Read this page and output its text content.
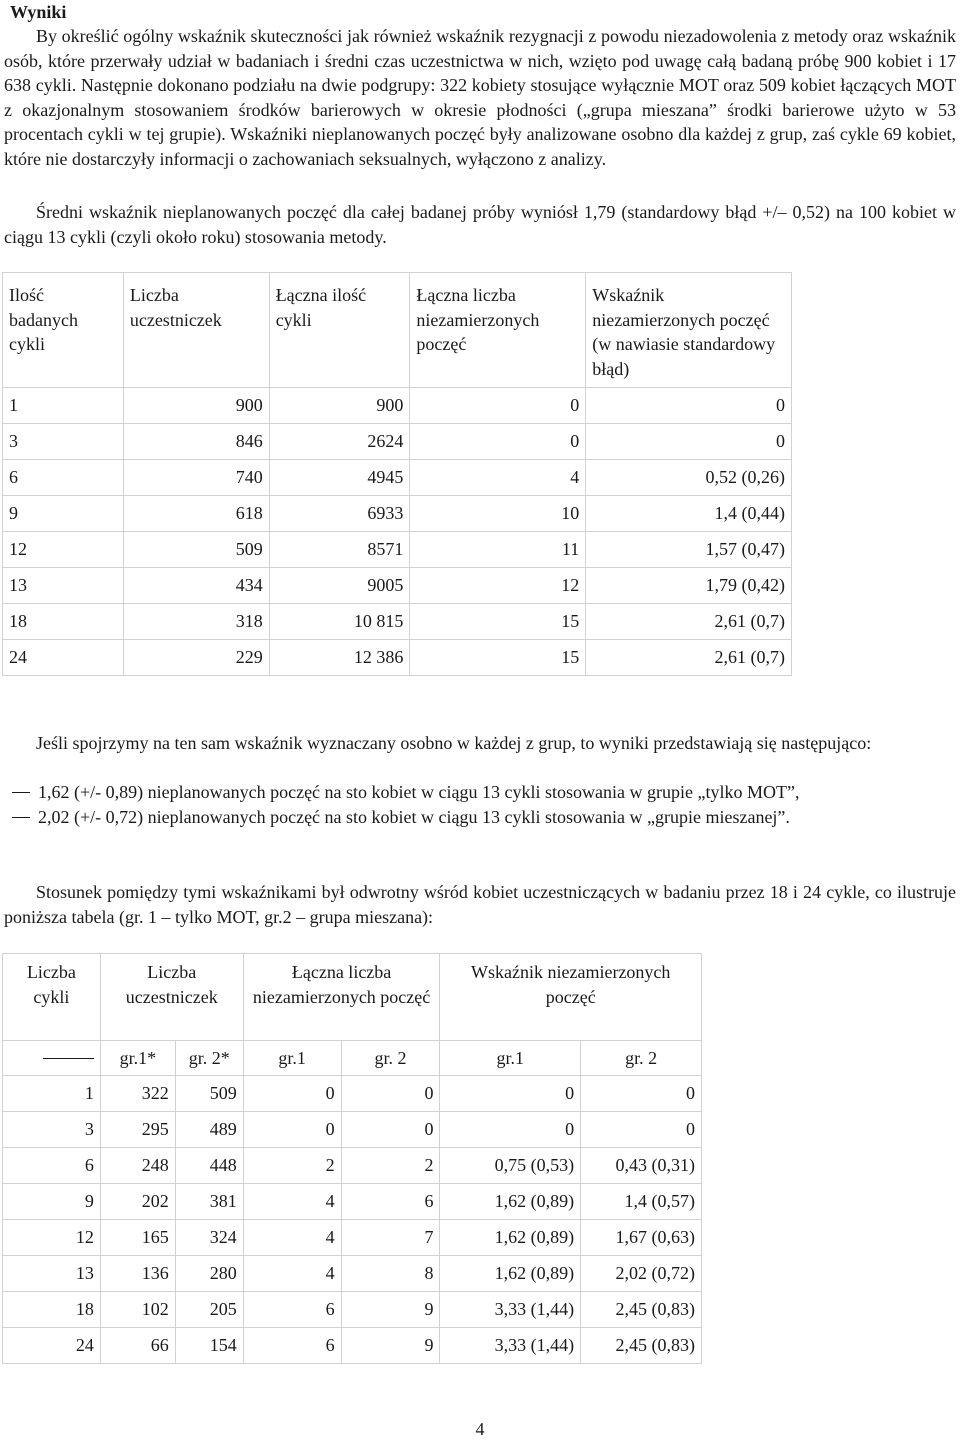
Wyniki

By określić ogólny wskaźnik skuteczności jak również wskaźnik rezygnacji z powodu niezadowolenia z metody oraz wskaźnik osób, które przerwały udział w badaniach i średni czas uczestnictwa w nich, wzięto pod uwagę całą badaną próbę 900 kobiet i 17 638 cykli. Następnie dokonano podziału na dwie podgrupy: 322 kobiety stosujące wyłącznie MOT oraz 509 kobiet łączących MOT z okazjonalnym stosowaniem środków barierowych w okresie płodności („grupa mieszana” środki barierowe użyto w 53 procentach cykli w tej grupie). Wskaźniki nieplanowanych poczęć były analizowane osobno dla każdej z grup, zaś cykle 69 kobiet, które nie dostarczyły informacji o zachowaniach seksualnych, wyłączono z analizy.

Średni wskaźnik nieplanowanych poczęć dla całej badanej próby wyniósł 1,79 (standardowy błąd +/– 0,52) na 100 kobiet w ciągu 13 cykli (czyli około roku) stosowania metody.

Ilość badanych cykli	Liczba uczestniczek	Łączna ilość cykli	Łączna liczba niezamierzonych poczęć	Wskaźnik niezamierzonych poczęć (w nawiasie standardowy błąd)
1	900	900	0	0
3	846	2624	0	0
6	740	4945	4	0,52 (0,26)
9	618	6933	10	1,4 (0,44)
12	509	8571	11	1,57 (0,47)
13	434	9005	12	1,79 (0,42)
18	318	10 815	15	2,61 (0,7)
24	229	12 386	15	2,61 (0,7)

Jeśli spojrzymy na ten sam wskaźnik wyznaczany osobno w każdej z grup, to wyniki przedstawiają się następująco:

1,62 (+/- 0,89) nieplanowanych poczęć na sto kobiet w ciągu 13 cykli stosowania w grupie „tylko MOT”,
2,02 (+/- 0,72) nieplanowanych poczęć na sto kobiet w ciągu 13 cykli stosowania w „grupie mieszanej”.

Stosunek pomiędzy tymi wskaźnikami był odwrotny wśród kobiet uczestniczących w badaniu przez 18 i 24 cykle, co ilustruje poniższa tabela (gr. 1 – tylko MOT, gr.2 – grupa mieszana):

Liczba cykli	Liczba uczestniczek		Łączna liczba niezamierzonych poczęć		Wskaźnik niezamierzonych poczęć	

	gr.1*	gr. 2*	gr.1	gr. 2	gr.1	gr. 2
1	322	509	0	0	0	0
3	295	489	0	0	0	0
6	248	448	2	2	0,75 (0,53)	0,43 (0,31)
9	202	381	4	6	1,62 (0,89)	1,4 (0,57)
12	165	324	4	7	1,62 (0,89)	1,67 (0,63)
13	136	280	4	8	1,62 (0,89)	2,02 (0,72)
18	102	205	6	9	3,33 (1,44)	2,45 (0,83)
24	66	154	6	9	3,33 (1,44)	2,45 (0,83)
4
